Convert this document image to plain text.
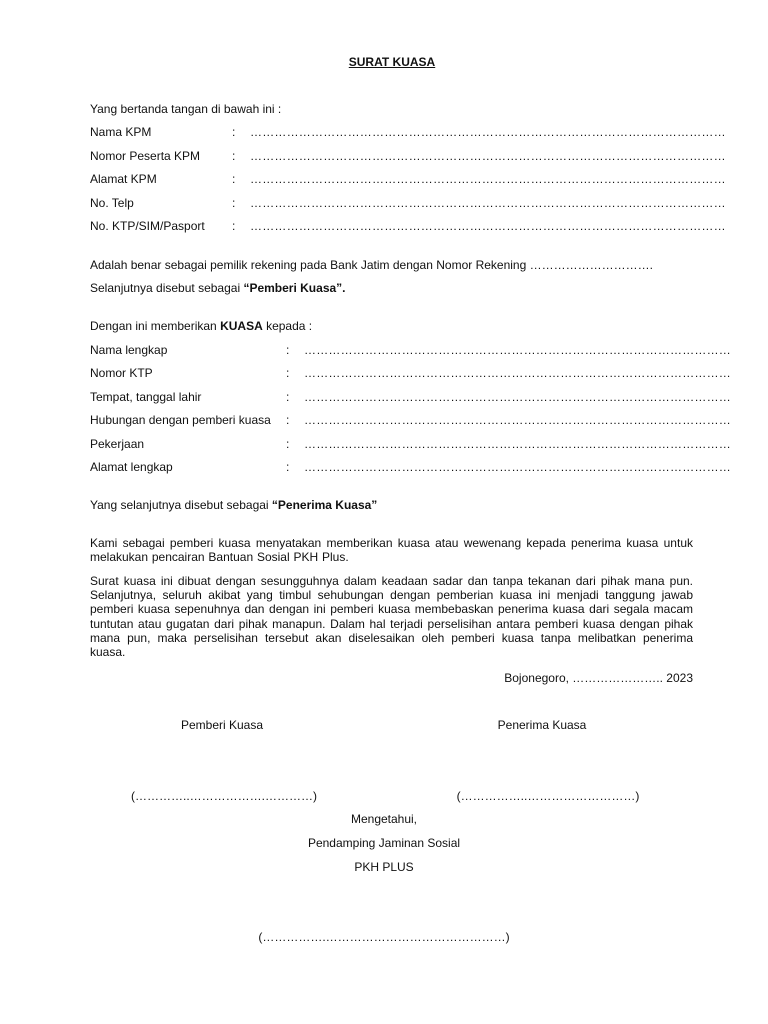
SURAT KUASA
Yang bertanda tangan di bawah ini :
Nama KPM	: ………………………………………………………………………………………………………
Nomor Peserta KPM	: ………………………………………………………………………………………………………
Alamat KPM	: ………………………………………………………………………………………………………
No. Telp	: ………………………………………………………………………………………………………
No. KTP/SIM/Pasport : ………………………………………………………………………………………………………
Adalah benar sebagai pemilik rekening pada Bank Jatim dengan Nomor Rekening ………………………….
Selanjutnya disebut sebagai “Pemberi Kuasa”.
Dengan ini memberikan KUASA kepada :
Nama lengkap	: ……………………………………………………………………………………………
Nomor KTP	: ……………………………………………………………………………………………
Tempat, tanggal lahir	: ……………………………………………………………………………………………
Hubungan dengan pemberi kuasa : ……………………………………………………………………………………………
Pekerjaan	: ……………………………………………………………………………………………
Alamat lengkap	: ……………………………………………………………………………………………
Yang selanjutnya disebut sebagai “Penerima Kuasa”
Kami sebagai pemberi kuasa menyatakan memberikan kuasa atau wewenang kepada penerima kuasa untuk melakukan pencairan Bantuan Sosial PKH Plus.
Surat kuasa ini dibuat dengan sesungguhnya dalam keadaan sadar dan tanpa tekanan dari pihak mana pun. Selanjutnya, seluruh akibat yang timbul sehubungan dengan pemberian kuasa ini menjadi tanggung jawab pemberi kuasa sepenuhnya dan dengan ini pemberi kuasa membebaskan penerima kuasa dari segala macam tuntutan atau gugatan dari pihak manapun. Dalam hal terjadi perselisihan antara pemberi kuasa dengan pihak mana pun, maka perselisihan tersebut akan diselesaikan oleh pemberi kuasa tanpa melibatkan penerima kuasa.
Bojonegoro, ………………….. 2023
Pemberi Kuasa	Penerima Kuasa
(…………..……………….…………)	(……………..………………………)
Mengetahui,
Pendamping Jaminan Sosial
PKH PLUS
(…………….………………………………………)
